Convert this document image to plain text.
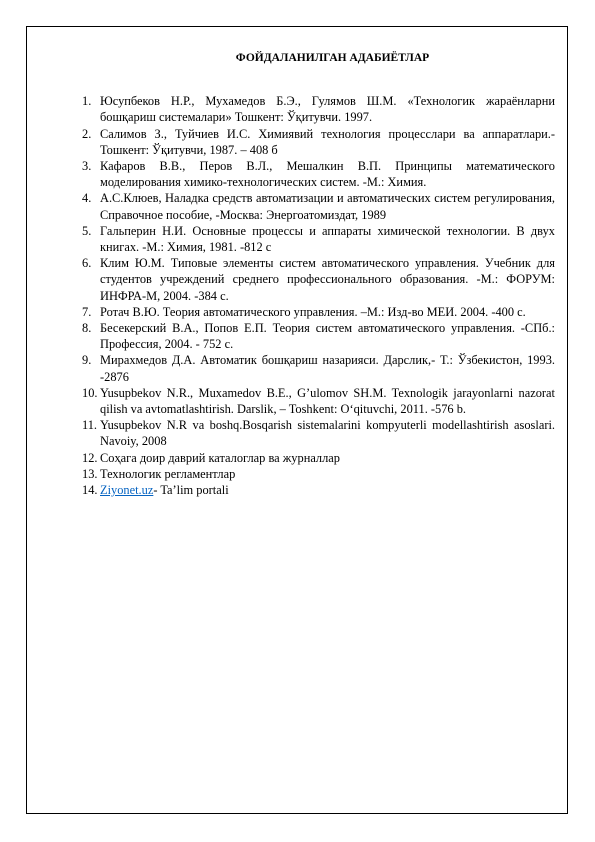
ФОЙДАЛАНИЛГАН АДАБИЁТЛАР
1. Юсупбеков Н.Р., Мухамедов Б.Э., Гулямов Ш.М. «Технологик жараёнларни бошқариш системалари» Тошкент: Ўқитувчи. 1997.
2. Салимов З., Туйчиев И.С. Химиявий технология процесслари ва аппаратлари.- Тошкент: Ўқитувчи, 1987. – 408 б
3. Кафаров В.В., Перов В.Л., Мешалкин В.П. Принципы математического моделирования химико-технологических систем. -М.: Химия.
4. А.С.Клюев, Наладка средств автоматизации и автоматических систем регулирования, Справочное пособие, -Москва: Энергоатомиздат, 1989
5. Гальперин Н.И. Основные процессы и аппараты химической технологии. В двух книгах. -М.: Химия, 1981. -812 с
6. Клим Ю.М. Типовые элементы систем автоматического управления. Учебник для студентов учреждений среднего профессионального образования. -М.: ФОРУМ: ИНФРА-М, 2004. -384 с.
7. Ротач В.Ю. Теория автоматического управления. –М.: Изд-во МЕИ. 2004. -400 с.
8. Бесекерский В.А., Попов Е.П. Теория систем автоматического управления. -СПб.: Профессия, 2004. - 752 с.
9. Мирахмедов Д.А. Автоматик бошқариш назарияси. Дарслик,- Т.: Ўзбекистон, 1993. -2876
10. Yusupbekov N.R., Muxamedov B.E., G’ulomov SH.M. Texnologik jarayonlarni nazorat qilish va avtomatlashtirish. Darslik, – Toshkent: O‘qituvchi, 2011. -576 b.
11. Yusupbekov N.R va boshq.Bosqarish sistemalarini kompyuterli modellashtirish asoslari. Navoiy, 2008
12. Соҳага доир даврий каталоглар ва журналлар
13. Технологик регламентлар
14. Ziyonet.uz- Ta’lim portali
